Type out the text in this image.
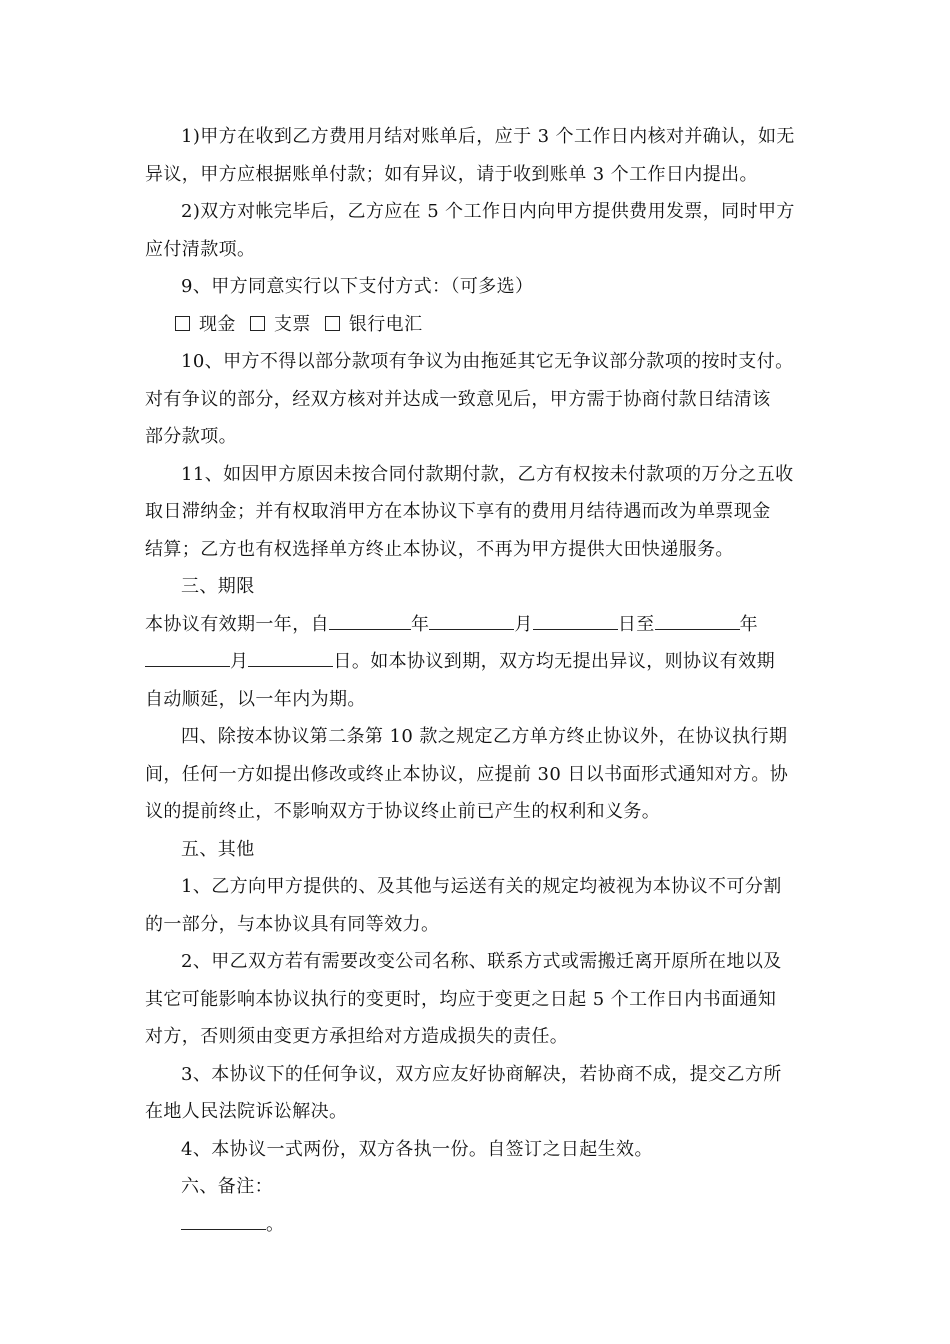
1)甲方在收到乙方费用月结对账单后，应于 3 个工作日内核对并确认，如无
异议，甲方应根据账单付款；如有异议，请于收到账单 3 个工作日内提出。

2)双方对帐完毕后，乙方应在 5 个工作日内向甲方提供费用发票，同时甲方
应付清款项。

9、甲方同意实行以下支付方式：（可多选）

现金 支票 银行电汇

10、甲方不得以部分款项有争议为由拖延其它无争议部分款项的按时支付。
对有争议的部分，经双方核对并达成一致意见后，甲方需于协商付款日结清该
部分款项。

11、如因甲方原因未按合同付款期付款，乙方有权按未付款项的万分之五收
取日滞纳金；并有权取消甲方在本协议下享有的费用月结待遇而改为单票现金
结算；乙方也有权选择单方终止本协议，不再为甲方提供大田快递服务。

三、期限

本协议有效期一年，自	年	月	日至	年
月	日。如本协议到期，双方均无提出异议，则协议有效期
自动顺延，以一年内为期。

四、除按本协议第二条第 10 款之规定乙方单方终止协议外，在协议执行期
间，任何一方如提出修改或终止本协议，应提前 30 日以书面形式通知对方。协
议的提前终止，不影响双方于协议终止前已产生的权利和义务。

五、其他

1、乙方向甲方提供的、及其他与运送有关的规定均被视为本协议不可分割
的一部分，与本协议具有同等效力。

2、甲乙双方若有需要改变公司名称、联系方式或需搬迁离开原所在地以及
其它可能影响本协议执行的变更时，均应于变更之日起 5 个工作日内书面通知
对方，否则须由变更方承担给对方造成损失的责任。

3、本协议下的任何争议，双方应友好协商解决，若协商不成，提交乙方所
在地人民法院诉讼解决。

4、本协议一式两份，双方各执一份。自签订之日起生效。

六、备注：

。
